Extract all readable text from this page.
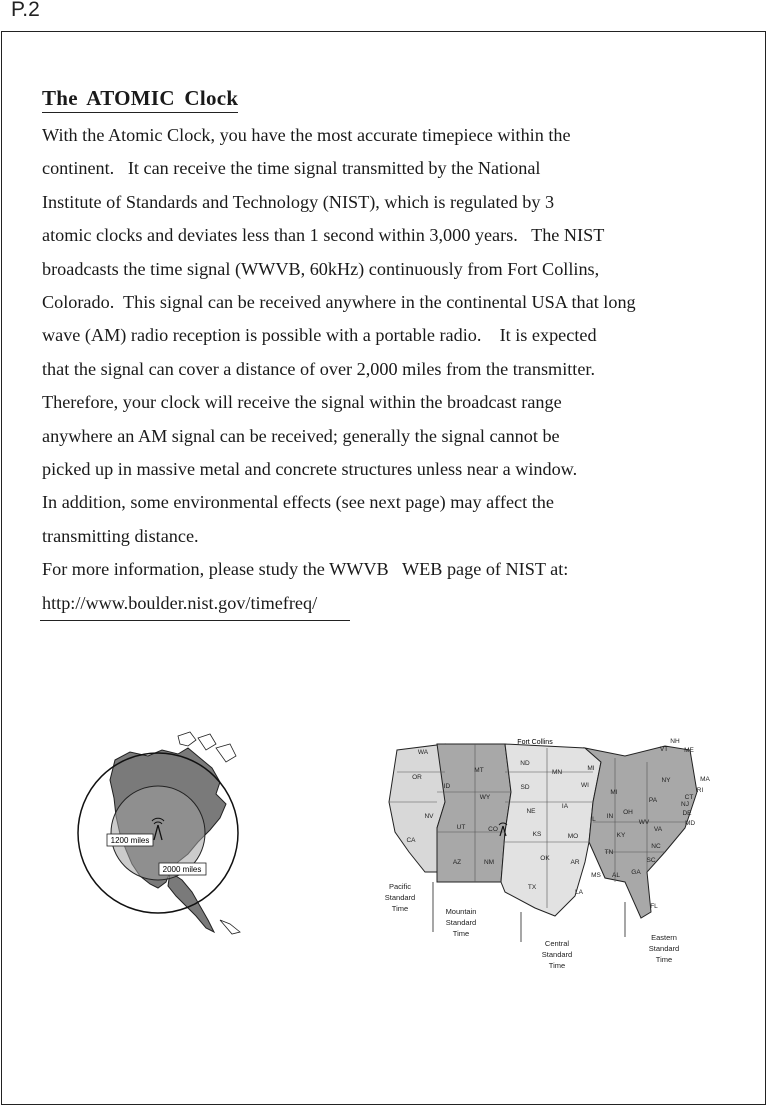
P.2
The ATOMIC Clock
With the Atomic Clock, you have the most accurate timepiece within the
continent.   It can receive the time signal transmitted by the National
Institute of Standards and Technology (NIST), which is regulated by 3
atomic clocks and deviates less than 1 second within 3,000 years.   The NIST
broadcasts the time signal (WWVB, 60kHz) continuously from Fort Collins,
Colorado.  This signal can be received anywhere in the continental USA that long
wave (AM) radio reception is possible with a portable radio.    It is expected
that the signal can cover a distance of over 2,000 miles from the transmitter.
Therefore, your clock will receive the signal within the broadcast range
anywhere an AM signal can be received; generally the signal cannot be
picked up in massive metal and concrete structures unless near a window.
In addition, some environmental effects (see next page) may affect the
transmitting distance.
For more information, please study the WWVB   WEB page of NIST at:
http://www.boulder.nist.gov/timefreq/
1200 miles
2000 miles
Fort Collins
WA
OR
CA
NV
ID
MT
WY
UT	CO
AZ	NM
ND
SD
NE
KS
OK
TX
MN
IA
MO
AR
LA
WI
IL
MI
IN
OH
KY
TN
MS AL GA
FL
SC
NC
VA
WV
PA
NY
VT
NH
ME
MA
RI
CT
NJ
DE
MD
MI
Pacific
Standard
Time	Mountain
Standard
Time
Central
Standard
Time
Eastern
Standard
Time
